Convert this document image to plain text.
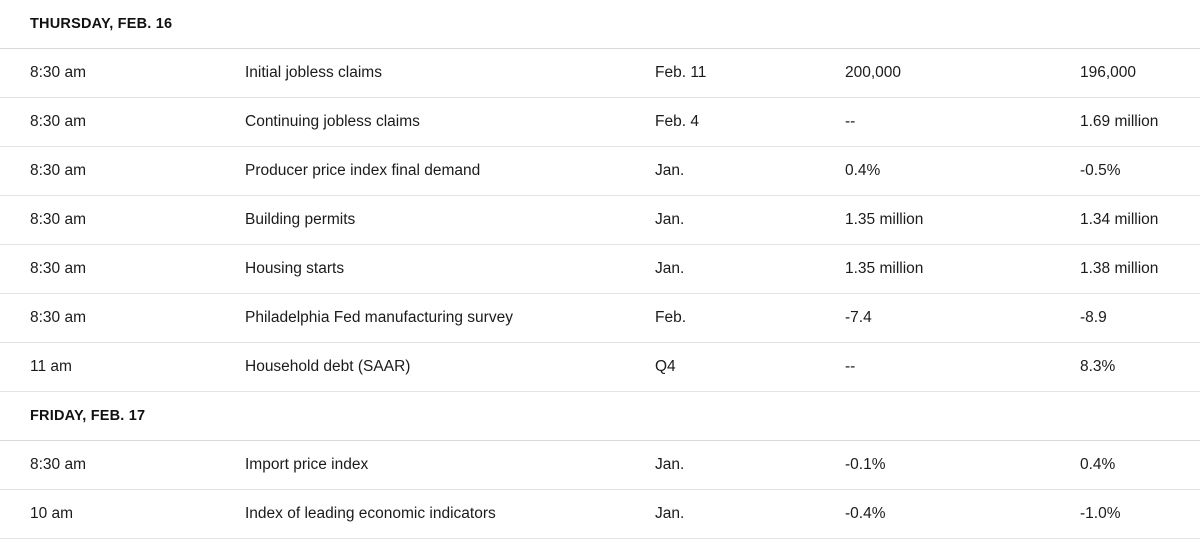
THURSDAY, FEB. 16
8:30 am	Initial jobless claims	Feb. 11	200,000	196,000
8:30 am	Continuing jobless claims	Feb. 4	--	1.69 million
8:30 am	Producer price index final demand	Jan.	0.4%	-0.5%
8:30 am	Building permits	Jan.	1.35 million	1.34 million
8:30 am	Housing starts	Jan.	1.35 million	1.38 million
8:30 am	Philadelphia Fed manufacturing survey	Feb.	-7.4	-8.9
11 am	Household debt (SAAR)	Q4	--	8.3%
FRIDAY, FEB. 17
8:30 am	Import price index	Jan.	-0.1%	0.4%
10 am	Index of leading economic indicators	Jan.	-0.4%	-1.0%
